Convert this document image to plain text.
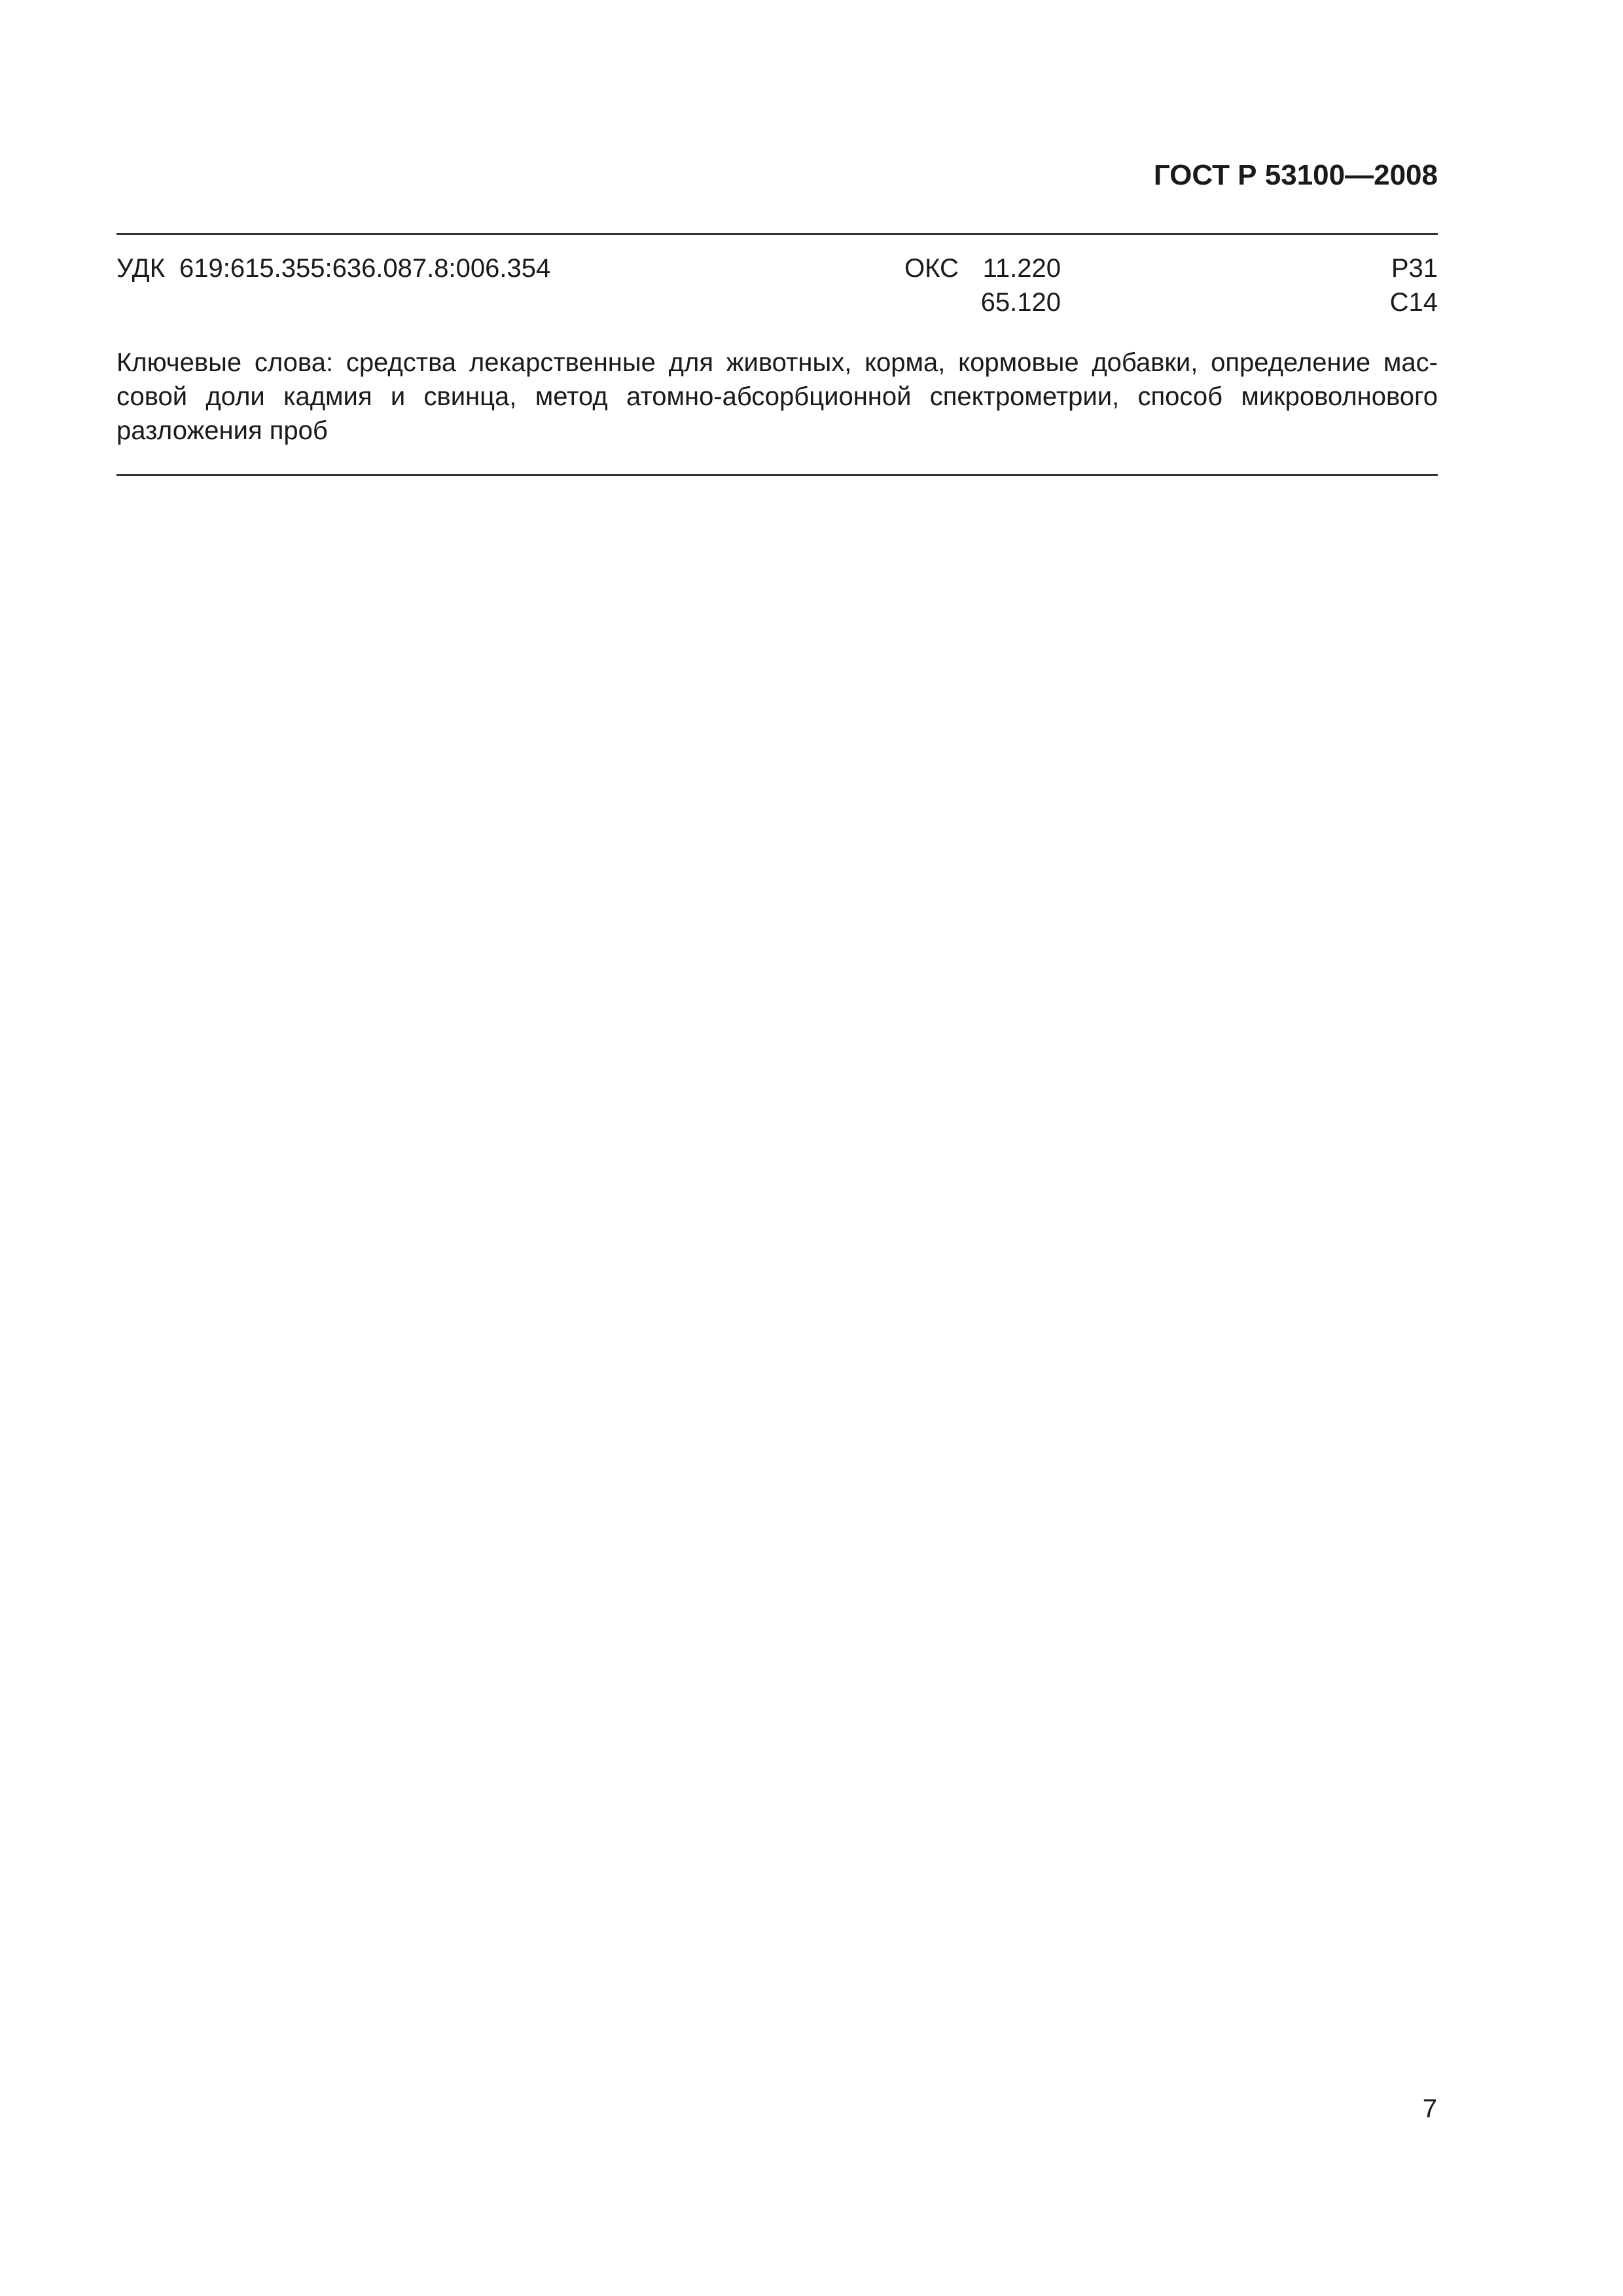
ГОСТ Р 53100—2008
УДК 619:615.355:636.087.8:006.354	ОКС 11.220
65.120
Р31
С14
Ключевые слова: средства лекарственные для животных, корма, кормовые добавки, определение массовой доли кадмия и свинца, метод атомно-абсорбционной спектрометрии, способ микроволнового разложения проб
7
